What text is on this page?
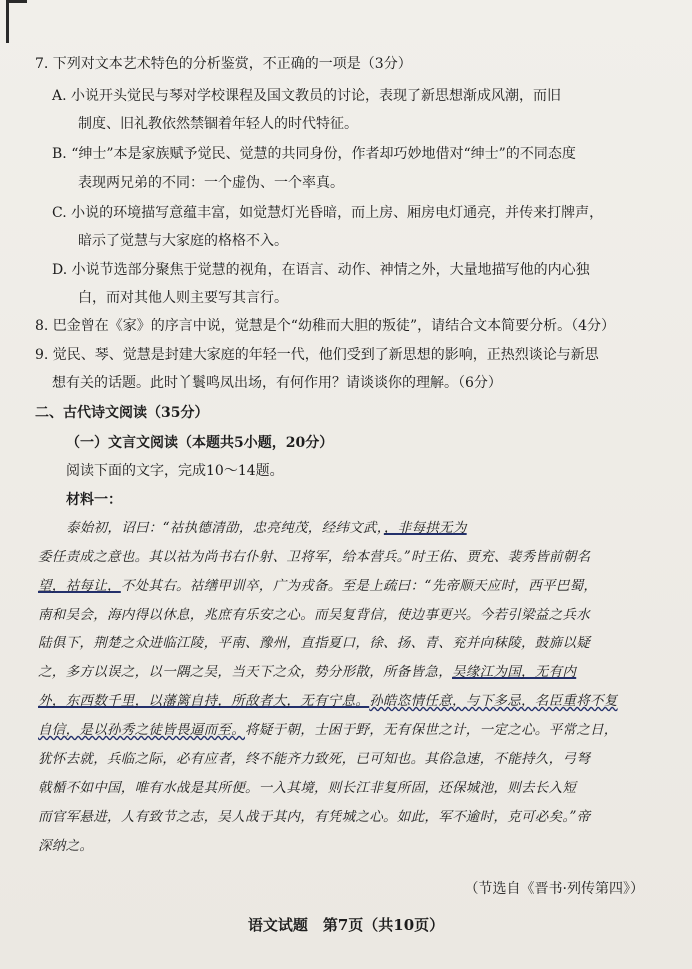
7. 下列对文本艺术特色的分析鉴赏，不正确的一项是（3分）
A. 小说开头觉民与琴对学校课程及国文教员的讨论，表现了新思想渐成风潮，而旧
制度、旧礼教依然禁锢着年轻人的时代特征。
B. “绅士”本是家族赋予觉民、觉慧的共同身份，作者却巧妙地借对“绅士”的不同态度
表现两兄弟的不同：一个虚伪、一个率真。
C. 小说的环境描写意蕴丰富，如觉慧灯光昏暗，而上房、厢房电灯通亮，并传来打牌声，
暗示了觉慧与大家庭的格格不入。
D. 小说节选部分聚焦于觉慧的视角，在语言、动作、神情之外，大量地描写他的内心独
白，而对其他人则主要写其言行。
8. 巴金曾在《家》的序言中说，觉慧是个“幼稚而大胆的叛徒”，请结合文本简要分析。（4分）
9. 觉民、琴、觉慧是封建大家庭的年轻一代，他们受到了新思想的影响，正热烈谈论与新思
想有关的话题。此时丫鬟鸣凤出场，有何作用？请谈谈你的理解。（6分）
二、古代诗文阅读（35分）
（一）文言文阅读（本题共5小题，20分）
阅读下面的文字，完成10～14题。
材料一：
泰始初，诏曰：“祜执德清劭，忠亮纯茂，经纬文武，，非每拱无为
委任责成之意也。其以祜为尚书右仆射、卫将军，给本营兵。”时王佑、贾充、裴秀皆前朝名
望，祜每让，不处其右。祜缮甲训卒，广为戎备。至是上疏曰：“先帝顺天应时，西平巴蜀，
南和吴会，海内得以休息，兆庶有乐安之心。而吴复背信，使边事更兴。今若引梁益之兵水
陆俱下，荆楚之众进临江陵，平南、豫州，直指夏口，徐、扬、青、兖并向秣陵，鼓旆以疑
之，多方以误之，以一隅之吴，当天下之众，势分形散，所备皆急，吴缘江为国，无有内
外，东西数千里，以藩篱自持，所敌者大，无有宁息。孙皓恣情任意，与下多忌，名臣重将不复
自信，是以孙秀之徒皆畏逼而至。将疑于朝，士困于野，无有保世之计，一定之心。平常之日，
犹怀去就，兵临之际，必有应者，终不能齐力致死，已可知也。其俗急速，不能持久，弓弩
戟楯不如中国，唯有水战是其所便。一入其境，则长江非复所固，还保城池，则去长入短
而官军悬进，人有致节之志，吴人战于其内，有凭城之心。如此，军不逾时，克可必矣。”帝
深纳之。
（节选自《晋书·列传第四》）
语文试题　第7页（共10页）
